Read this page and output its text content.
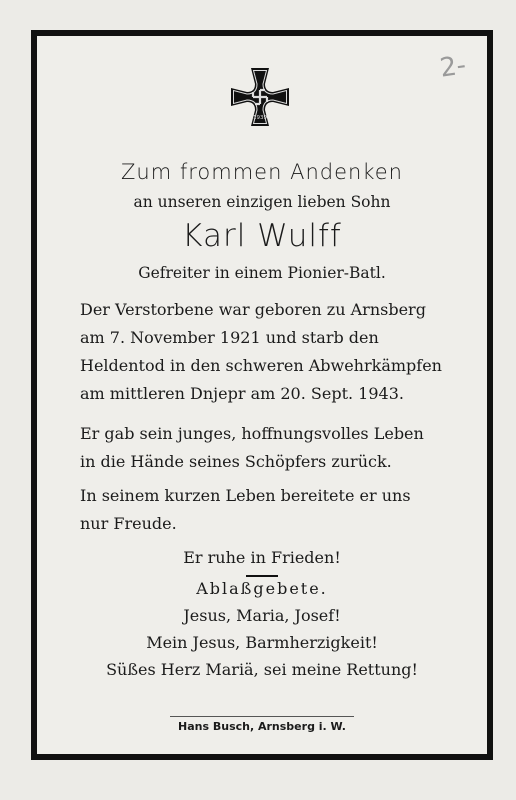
2-
1939
Zum frommen Andenken
an unseren einzigen lieben Sohn
Karl Wulff
Gefreiter in einem Pionier-Batl.
Der Verstorbene war geboren zu Arnsberg
am 7. November 1921 und starb den
Heldentod in den schweren Abwehrkämpfen
am mittleren Dnjepr am 20. Sept. 1943.
Er gab sein junges, hoffnungsvolles Leben
in die Hände seines Schöpfers zurück.
In seinem kurzen Leben bereitete er uns
nur Freude.
Er ruhe in Frieden!
Ablaßgebete.
Jesus, Maria, Josef!
Mein Jesus, Barmherzigkeit!
Süßes Herz Mariä, sei meine Rettung!
Hans Busch, Arnsberg i. W.
